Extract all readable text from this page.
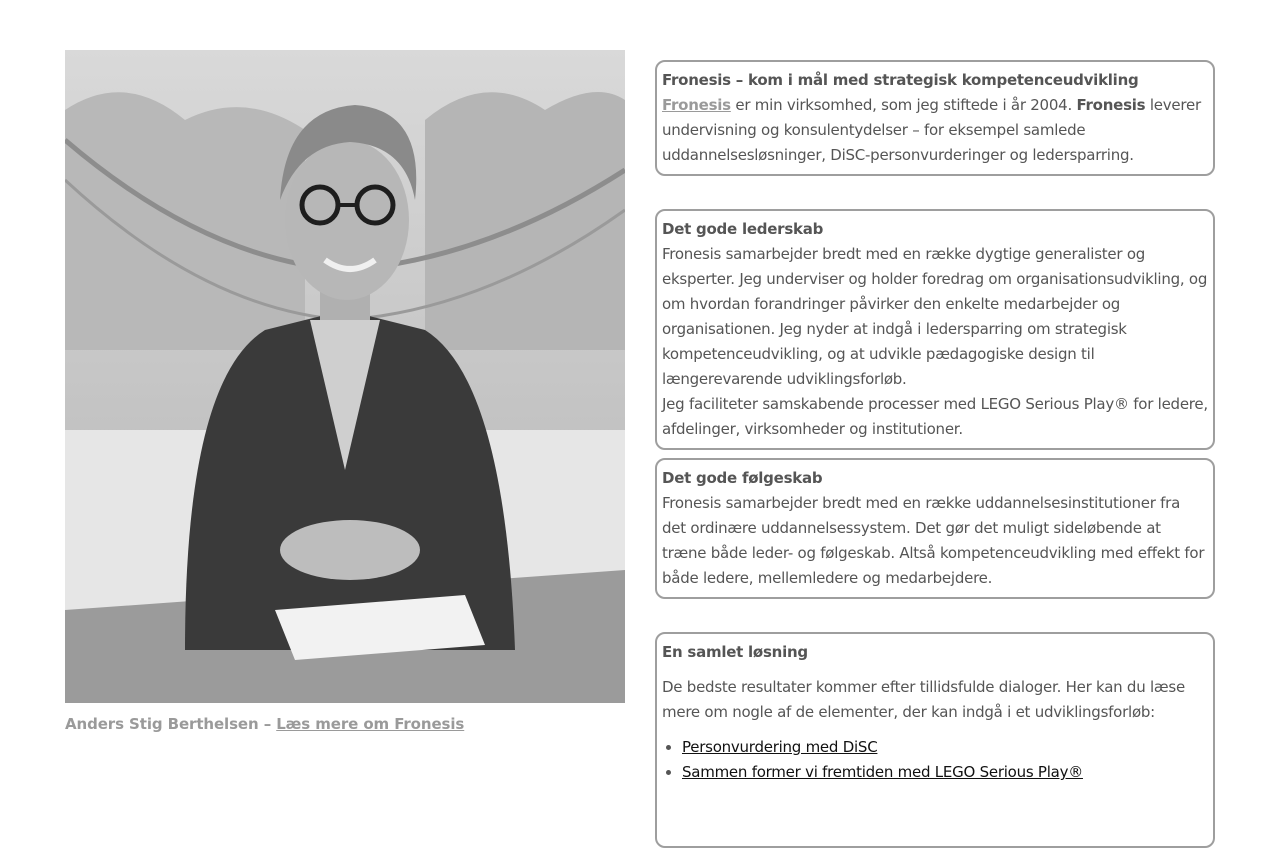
Anders Stig Berthelsen – Læs mere om Fronesis

Fronesis – kom i mål med strategisk kompetenceudvikling

Fronesis er min virksomhed, som jeg stiftede i år 2004. Fronesis leverer undervisning og konsulentydelser – for eksempel samlede uddannelsesløsninger, DiSC-personvurderinger og ledersparring.

Det gode lederskab

Fronesis samarbejder bredt med en række dygtige generalister og eksperter. Jeg underviser og holder foredrag om organisationsudvikling, og om hvordan forandringer påvirker den enkelte medarbejder og organisationen. Jeg nyder at indgå i ledersparring om strategisk kompetenceudvikling, og at udvikle pædagogiske design til længerevarende udviklingsforløb.

Jeg faciliteter samskabende processer med LEGO Serious Play® for ledere, afdelinger, virksomheder og institutioner.

Det gode følgeskab

Fronesis samarbejder bredt med en række uddannelsesinstitutioner fra det ordinære uddannelsessystem. Det gør det muligt sideløbende at træne både leder- og følgeskab. Altså kompetenceudvikling med effekt for både ledere, mellemledere og medarbejdere.

En samlet løsning

De bedste resultater kommer efter tillidsfulde dialoger. Her kan du læse mere om nogle af de elementer, der kan indgå i et udviklingsforløb:

• Personvurdering med DiSC
• Sammen former vi fremtiden med LEGO Serious Play®
